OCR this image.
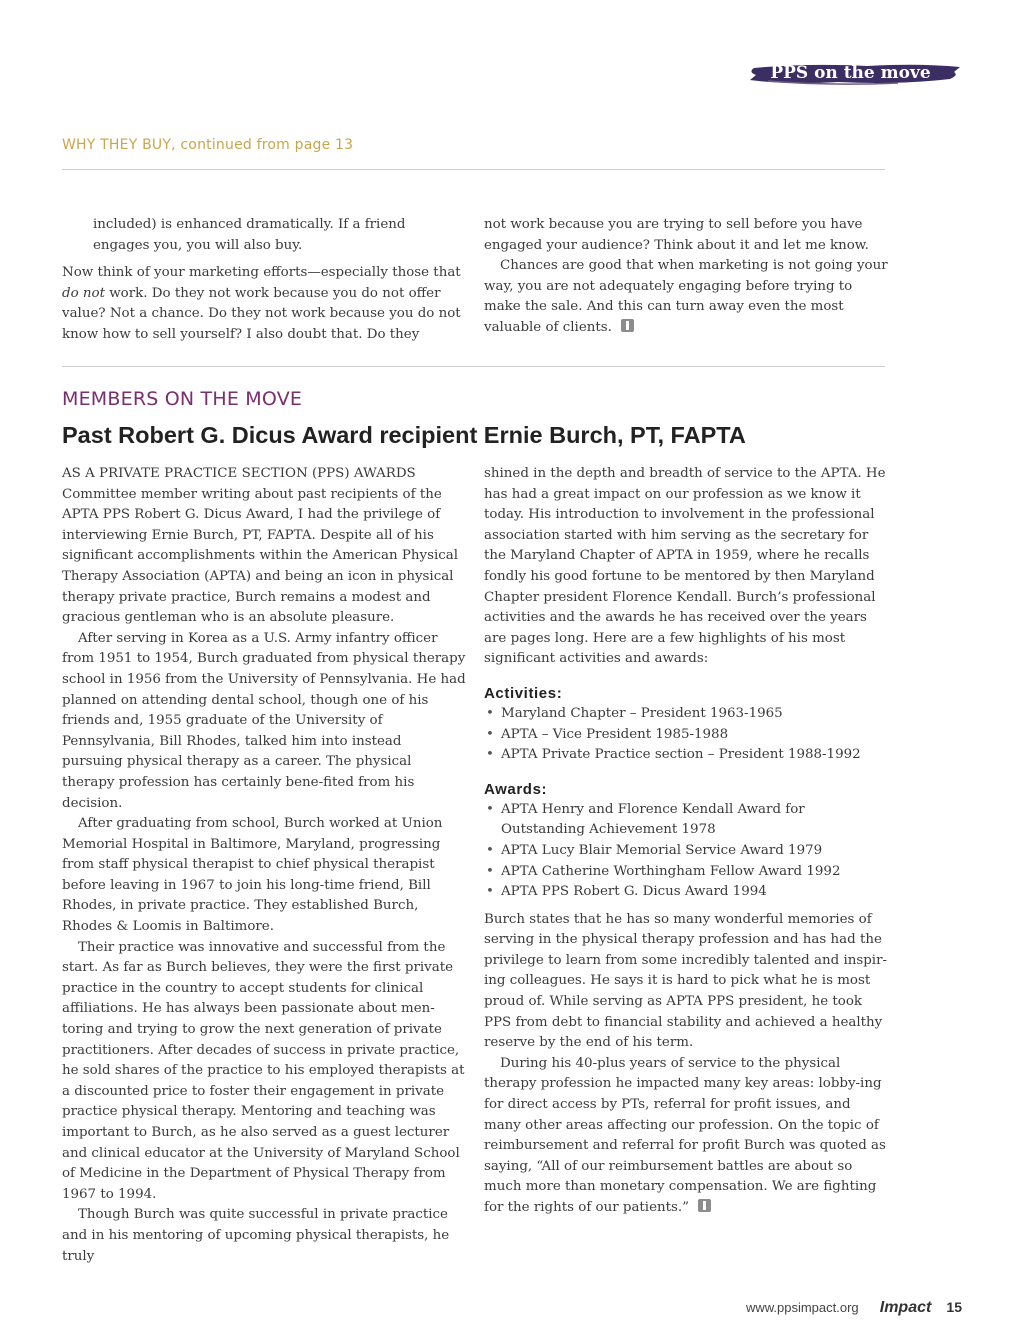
PPS on the move
WHY THEY BUY, continued from page 13

included) is enhanced dramatically. If a friend engages you, you will also buy.

Now think of your marketing efforts—especially those that do not work. Do they not work because you do not offer value? Not a chance. Do they not work because you do not know how to sell yourself? I also doubt that. Do they

not work because you are trying to sell before you have engaged your audience? Think about it and let me know.

Chances are good that when marketing is not going your way, you are not adequately engaging before trying to make the sale. And this can turn away even the most valuable of clients.

MEMBERS ON THE MOVE
Past Robert G. Dicus Award recipient Ernie Burch, PT, FAPTA

AS A PRIVATE PRACTICE SECTION (PPS) AWARDS Committee member writing about past recipients of the APTA PPS Robert G. Dicus Award, I had the privilege of interviewing Ernie Burch, PT, FAPTA. Despite all of his significant accomplishments within the American Physical Therapy Association (APTA) and being an icon in physical therapy private practice, Burch remains a modest and gracious gentleman who is an absolute pleasure.

After serving in Korea as a U.S. Army infantry officer from 1951 to 1954, Burch graduated from physical therapy school in 1956 from the University of Pennsylvania. He had planned on attending dental school, though one of his friends and, 1955 graduate of the University of Pennsylvania, Bill Rhodes, talked him into instead pursuing physical therapy as a career. The physical therapy profession has certainly bene-fited from his decision.

After graduating from school, Burch worked at Union Memorial Hospital in Baltimore, Maryland, progressing from staff physical therapist to chief physical therapist before leaving in 1967 to join his long-time friend, Bill Rhodes, in private practice. They established Burch, Rhodes & Loomis in Baltimore.

Their practice was innovative and successful from the start. As far as Burch believes, they were the first private practice in the country to accept students for clinical affiliations. He has always been passionate about men-toring and trying to grow the next generation of private practitioners. After decades of success in private practice, he sold shares of the practice to his employed therapists at a discounted price to foster their engagement in private practice physical therapy. Mentoring and teaching was important to Burch, as he also served as a guest lecturer and clinical educator at the University of Maryland School of Medicine in the Department of Physical Therapy from 1967 to 1994.

Though Burch was quite successful in private practice and in his mentoring of upcoming physical therapists, he truly

shined in the depth and breadth of service to the APTA. He has had a great impact on our profession as we know it today. His introduction to involvement in the professional association started with him serving as the secretary for the Maryland Chapter of APTA in 1959, where he recalls fondly his good fortune to be mentored by then Maryland Chapter president Florence Kendall. Burch’s professional activities and the awards he has received over the years are pages long. Here are a few highlights of his most significant activities and awards:

Activities:

• Maryland Chapter – President 1963-1965
• APTA – Vice President 1985-1988
• APTA Private Practice section – President 1988-1992

Awards:

• APTA Henry and Florence Kendall Award for Outstanding Achievement 1978
• APTA Lucy Blair Memorial Service Award 1979
• APTA Catherine Worthingham Fellow Award 1992
• APTA PPS Robert G. Dicus Award 1994

Burch states that he has so many wonderful memories of serving in the physical therapy profession and has had the privilege to learn from some incredibly talented and inspir-ing colleagues. He says it is hard to pick what he is most proud of. While serving as APTA PPS president, he took PPS from debt to financial stability and achieved a healthy reserve by the end of his term.

During his 40-plus years of service to the physical therapy profession he impacted many key areas: lobby-ing for direct access by PTs, referral for profit issues, and many other areas affecting our profession. On the topic of reimbursement and referral for profit Burch was quoted as saying, “All of our reimbursement battles are about so much more than monetary compensation. We are fighting for the rights of our patients.”

www.ppsimpact.org Impact 15
